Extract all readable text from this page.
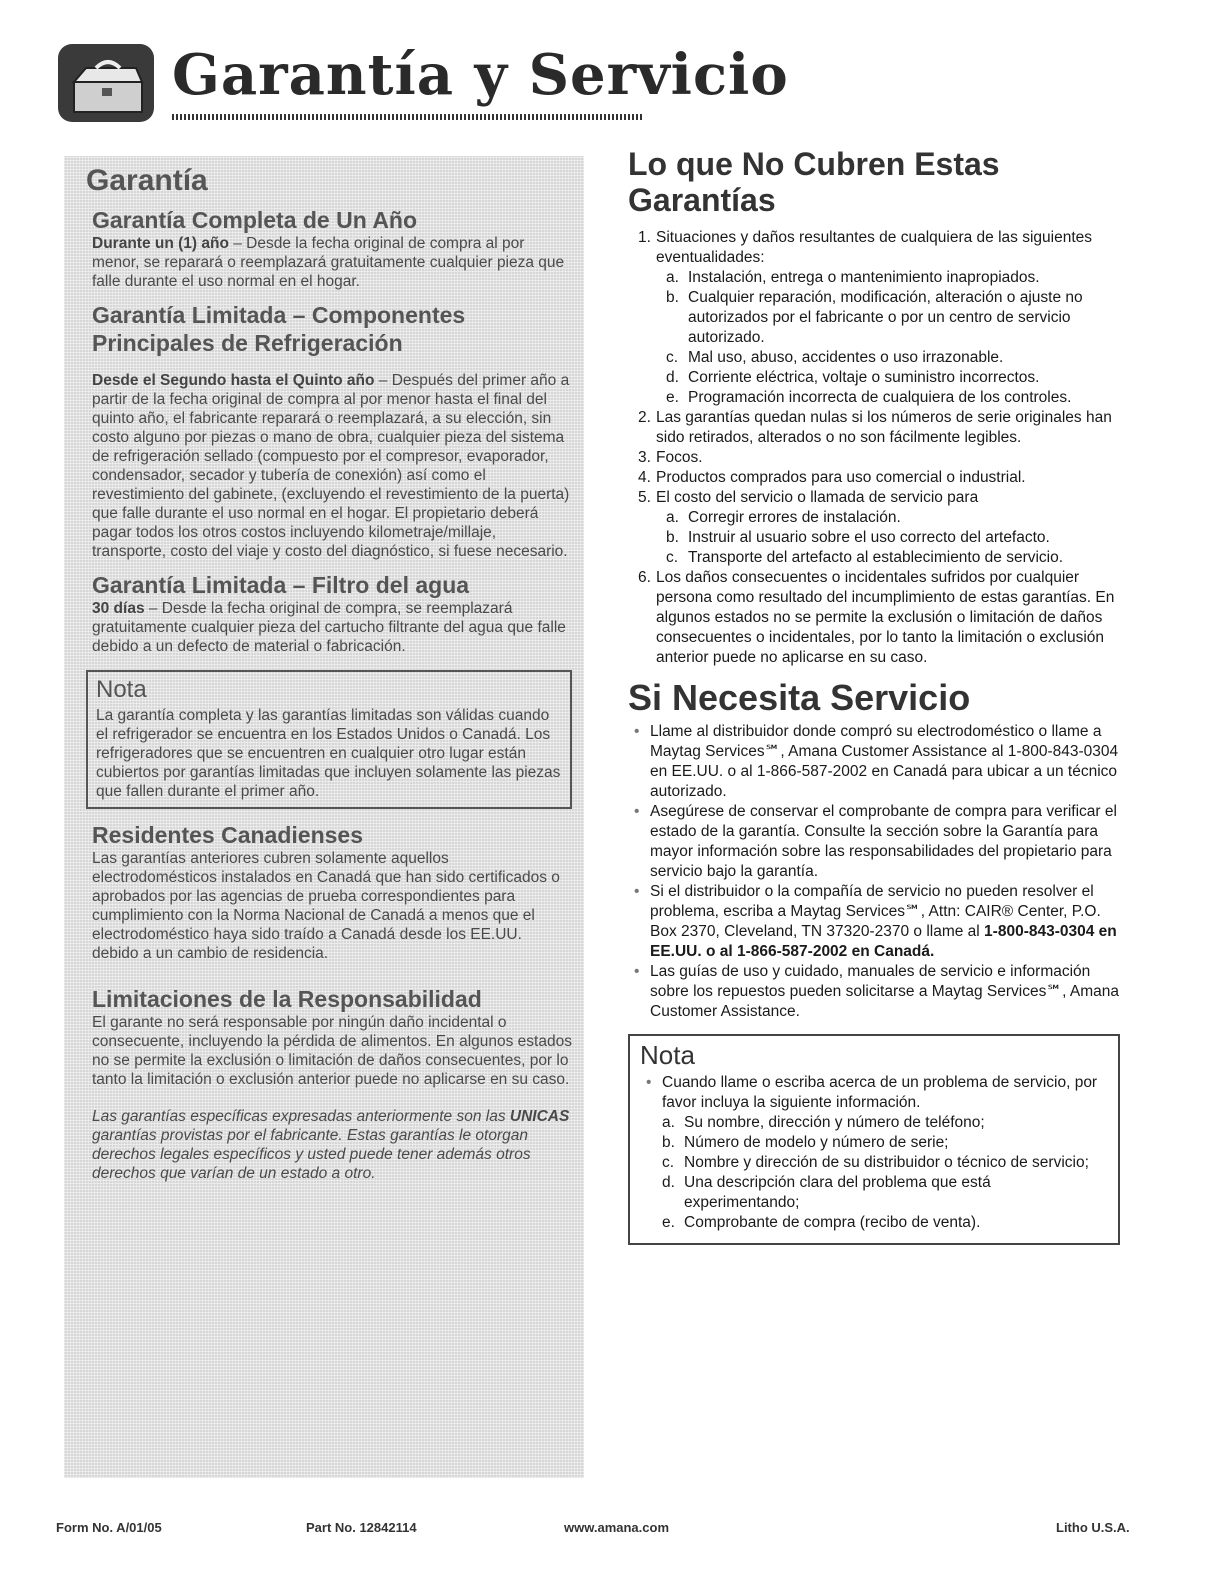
Garantía y Servicio
Garantía
Garantía Completa de Un Año

Durante un (1) año – Desde la fecha original de compra al por menor, se reparará o reemplazará gratuitamente cualquier pieza que falle durante el uso normal en el hogar.

Garantía Limitada – Componentes Principales de Refrigeración

Desde el Segundo hasta el Quinto año – Después del primer año a partir de la fecha original de compra al por menor hasta el final del quinto año, el fabricante reparará o reemplazará, a su elección, sin costo alguno por piezas o mano de obra, cualquier pieza del sistema de refrigeración sellado (compuesto por el compresor, evaporador, condensador, secador y tubería de conexión) así como el revestimiento del gabinete, (excluyendo el revestimiento de la puerta) que falle durante el uso normal en el hogar. El propietario deberá pagar todos los otros costos incluyendo kilometraje/millaje, transporte, costo del viaje y costo del diagnóstico, si fuese necesario.

Garantía Limitada – Filtro del agua

30 días – Desde la fecha original de compra, se reemplazará gratuitamente cualquier pieza del cartucho filtrante del agua que falle debido a un defecto de material o fabricación.

Nota

La garantía completa y las garantías limitadas son válidas cuando el refrigerador se encuentra en los Estados Unidos o Canadá. Los refrigeradores que se encuentren en cualquier otro lugar están cubiertos por garantías limitadas que incluyen solamente las piezas que fallen durante el primer año.

Residentes Canadienses

Las garantías anteriores cubren solamente aquellos electrodomésticos instalados en Canadá que han sido certificados o aprobados por las agencias de prueba correspondientes para cumplimiento con la Norma Nacional de Canadá a menos que el electrodoméstico haya sido traído a Canadá desde los EE.UU. debido a un cambio de residencia.

Limitaciones de la Responsabilidad

El garante no será responsable por ningún daño incidental o consecuente, incluyendo la pérdida de alimentos. En algunos estados no se permite la exclusión o limitación de daños consecuentes, por lo tanto la limitación o exclusión anterior puede no aplicarse en su caso.

Las garantías específicas expresadas anteriormente son las UNICAS garantías provistas por el fabricante. Estas garantías le otorgan derechos legales específicos y usted puede tener además otros derechos que varían de un estado a otro.

Lo que No Cubren Estas Garantías
1. Situaciones y daños resultantes de cualquiera de las siguientes eventualidades:
a. Instalación, entrega o mantenimiento inapropiados.
b. Cualquier reparación, modificación, alteración o ajuste no autorizados por el fabricante o por un centro de servicio autorizado.
c. Mal uso, abuso, accidentes o uso irrazonable.
d. Corriente eléctrica, voltaje o suministro incorrectos.
e. Programación incorrecta de cualquiera de los controles.
2. Las garantías quedan nulas si los números de serie originales han sido retirados, alterados o no son fácilmente legibles.
3. Focos.
4. Productos comprados para uso comercial o industrial.
5. El costo del servicio o llamada de servicio para
a. Corregir errores de instalación.
b. Instruir al usuario sobre el uso correcto del artefacto.
c. Transporte del artefacto al establecimiento de servicio.
6. Los daños consecuentes o incidentales sufridos por cualquier persona como resultado del incumplimiento de estas garantías. En algunos estados no se permite la exclusión o limitación de daños consecuentes o incidentales, por lo tanto la limitación o exclusión anterior puede no aplicarse en su caso.
Si Necesita Servicio
• Llame al distribuidor donde compró su electrodoméstico o llame a Maytag Services℠, Amana Customer Assistance al 1-800-843-0304 en EE.UU. o al 1-866-587-2002 en Canadá para ubicar a un técnico autorizado.
• Asegúrese de conservar el comprobante de compra para verificar el estado de la garantía. Consulte la sección sobre la Garantía para mayor información sobre las responsabilidades del propietario para servicio bajo la garantía.
• Si el distribuidor o la compañía de servicio no pueden resolver el problema, escriba a Maytag Services℠, Attn: CAIR® Center, P.O. Box 2370, Cleveland, TN 37320-2370 o llame al 1-800-843-0304 en EE.UU. o al 1-866-587-2002 en Canadá.
• Las guías de uso y cuidado, manuales de servicio e información sobre los repuestos pueden solicitarse a Maytag Services℠, Amana Customer Assistance.
Nota
• Cuando llame o escriba acerca de un problema de servicio, por favor incluya la siguiente información.
a. Su nombre, dirección y número de teléfono;
b. Número de modelo y número de serie;
c. Nombre y dirección de su distribuidor o técnico de servicio;
d. Una descripción clara del problema que está experimentando;
e. Comprobante de compra (recibo de venta).
Form No. A/01/05	Part No. 12842114	www.amana.com	Litho U.S.A.
